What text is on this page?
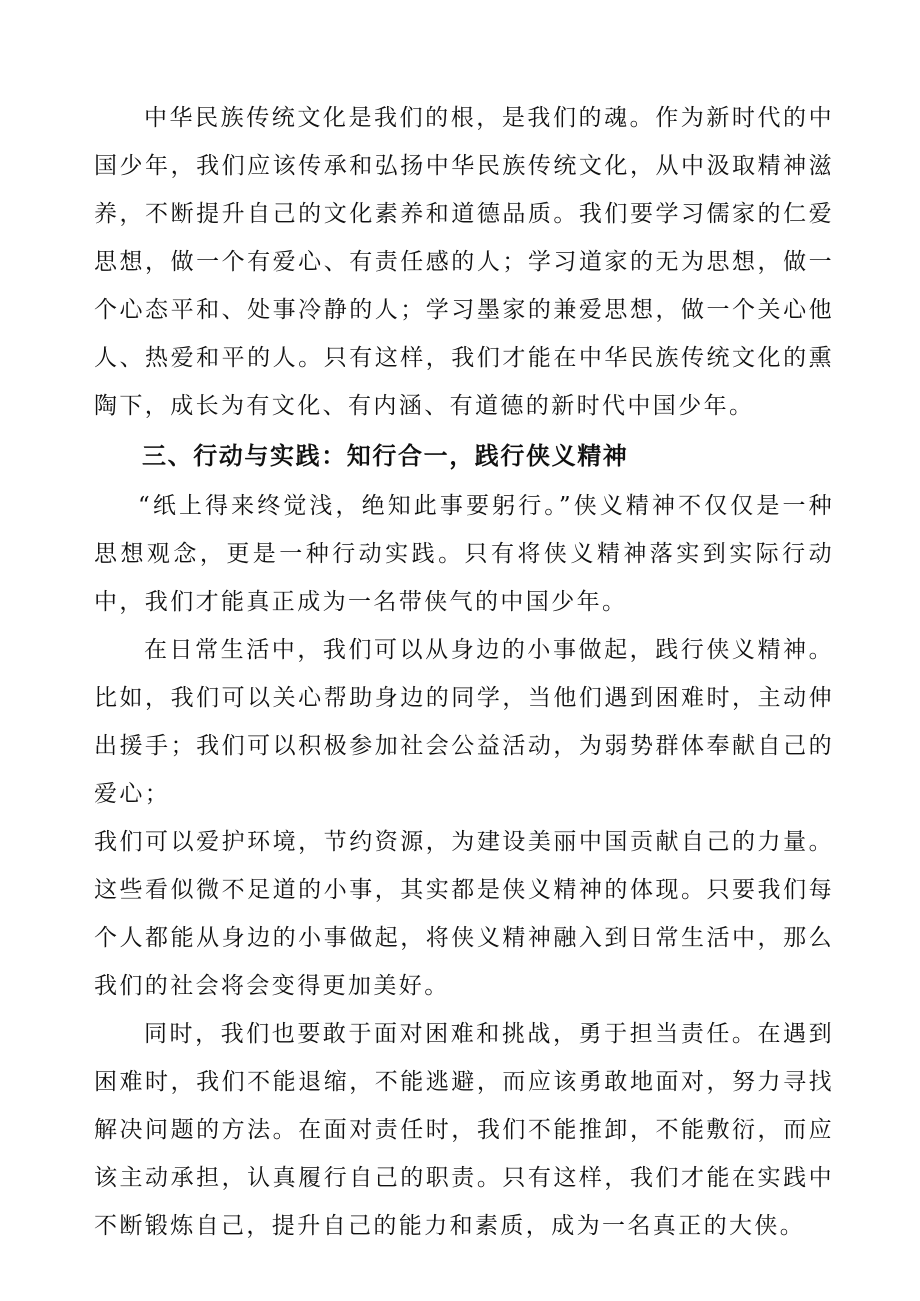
中华民族传统文化是我们的根，是我们的魂。作为新时代的中国少年，我们应该传承和弘扬中华民族传统文化，从中汲取精神滋养，不断提升自己的文化素养和道德品质。我们要学习儒家的仁爱思想，做一个有爱心、有责任感的人；学习道家的无为思想，做一个心态平和、处事冷静的人；学习墨家的兼爱思想，做一个关心他人、热爱和平的人。只有这样，我们才能在中华民族传统文化的熏陶下，成长为有文化、有内涵、有道德的新时代中国少年。

三、行动与实践：知行合一，践行侠义精神

“纸上得来终觉浅，绝知此事要躬行。”侠义精神不仅仅是一种思想观念，更是一种行动实践。只有将侠义精神落实到实际行动中，我们才能真正成为一名带侠气的中国少年。

在日常生活中，我们可以从身边的小事做起，践行侠义精神。比如，我们可以关心帮助身边的同学，当他们遇到困难时，主动伸出援手；我们可以积极参加社会公益活动，为弱势群体奉献自己的爱心；

我们可以爱护环境，节约资源，为建设美丽中国贡献自己的力量。这些看似微不足道的小事，其实都是侠义精神的体现。只要我们每个人都能从身边的小事做起，将侠义精神融入到日常生活中，那么我们的社会将会变得更加美好。

同时，我们也要敢于面对困难和挑战，勇于担当责任。在遇到困难时，我们不能退缩，不能逃避，而应该勇敢地面对，努力寻找解决问题的方法。在面对责任时，我们不能推卸，不能敷衍，而应该主动承担，认真履行自己的职责。只有这样，我们才能在实践中不断锻炼自己，提升自己的能力和素质，成为一名真正的大侠。
